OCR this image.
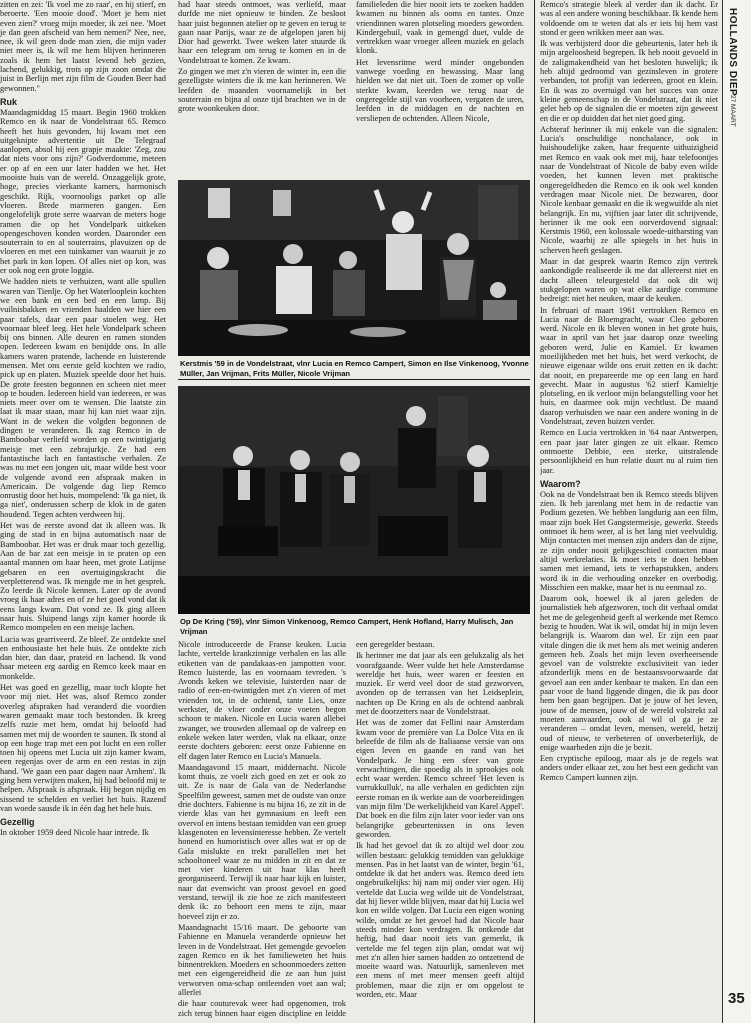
zitten en zei: 'Ik voel me zo raar', en hij stierf, en beroerte. 'Een mooie dood'. 'Moet je hem niet even zien?' vroeg mijn moeder, ik zei nee. 'Moet je dan geen afscheid van hem nemen?' Nee, nee, nee, ik wil geen dode man zien, die mijn vader niet meer is, ik wil me hem blijven herinneren zoals ik hem het laatst levend heb gezien, lachend, gelukkig, trots op zijn zoon omdat die juist in Berlijn met zijn film de Gouden Beer had gewonnen."

Ruk

Maandagmiddag 15 maart. Begin 1960 trokken Remco en ik naar de Vondelstraat 65. Remco heeft het huis gevonden, hij kwam met een uitgeknipte advertentie uit De Telegraaf aanlopen, absol hij een grapje maakte: 'Zeg, zou dat niets voor ons zijn?' Godverdomme, meteen er op af en een uur later hadden we het. Het mooiste huis van de wereld. Onzaggelijk grote, hoge, precies vierkante kamers, harmonisch geschikt. Rijk, voornooligs parket op alle vloeren. Brede marmeren gangen. Een ongelofelijk grote serre waarvan de meters hoge ramen die op het Vondelpark uitkeken opengeschoven konden worden. Daaronder een souterrain to en al souterrains, plavuizen op de vloeren en met een tuinkamer van waaruit je zo het park in kon lopen. Of alles niet op kon, was er ook nog een grote loggia.

We hadden niets te verhuizen, want alle spullen waren van Tienlje. Op het Waterlooplein kochten we een bank en een bed en een lamp. Bij vuilnisbakken en vrienden haalden we hier een paar tafels, daar een paar stoelen weg. Het voornaar bleef leeg. Het hele Vondelpark scheen bij ons binnen. Alle deuren en ramen stonden open. Iedereen kwam en benijdde ons. In alle kamers waren pratende, lachende en luisterende mensen. Met ons eerste geld kochten we radio, pick up en platen. Muziek speelde door het huis. De grote feesten begonnen en scheen niet meer op te houden. Iedereen hield van iedereen, er was niets meer over om te wensen. Die laatste zin laat ik maar staan, maar hij kan niet waar zijn. Want in de weken die volgden begonnen de dingen te veranderen. Ik zag Remco in de Bamboobar verliefd worden op een twintigjarig meisje met een zebrajurkje. Ze had een fantastische lach en fantastische verhalen. Ze was nu met een jongen uit, maar wilde best voor de volgende avond een afspraak maken in Americain. De volgende dag liep Remco onrustig door het huis, mompelend: 'Ik ga niet, ik ga niet', onderussen scherp de klok in de gaten houdend. Tegen achten verdween hij.

Het was de eerste avond dat ik alleen was. Ik ging de stad in en bijna automatisch naar de Bamboobar. Het was er druk maar toch gezellig. Aan de bar zat een meisje in te praten op een aantal mannen om haar heen, met grote Latijnse gebaren en een overtuigingskracht die verpletterend was. Ik mengde me in het gesprek. Zo leerde ik Nicole kennen. Later op de avond vroeg ik haar adres en of ze het goed vond dat ik eens langs kwam. Dat vond ze. Ik ging alleen naar huis. Sluipend langs zijn kamer hoorde ik Remco mompelen en een meisje lachen.

Lucia was gearriveerd. Ze bleef. Ze ontdekte snel en enthousiaste het hele huis. Ze ontdekte zich dan hier, dan daar, prateid en lachend. Ik vond haar meteen erg aardig en Remco keek maar en monkelde.

Het was goed en gezellig, maar toch klopte het voor mij niet. Het was, alsof Remco zonder overleg afspraken had veranderd die voordien waren gemaakt maar toch bestonden. Ik kreeg zelfs ruzie met hem, omdat hij beloofd had samen met mij de woorden te saunen. Ik stond al op een hoge trap met een pot lucht en een roller toen hij opeens met Lucia uit zijn kamer kwam, een regenjas over de arm en een restas in zijn hand. 'We gaan een paar dagen naar Arnhem'. Ik ging hem verwijten maken, hij had beloofd mij te helpen. Afspraak is afspraak. Hij begon nijdig en sissend te schelden en verliet het huis. Razend van woede sausde ik in één dag het hele huis.

Gezellig

In oktober 1959 deed Nicole haar intrede. Ik

had haar steeds ontmoet, was verliefd, maar durfde me niet opnieuw te binden. Ze besloot haar juist begonnen atelier op te geven en terug te gaan naar Parijs, waar ze de afgelopen jaren bij Dior had gewerkt. Twee weken later stuurde ik haar een telegram om terug te komen en in de Vondelstraat te komen. Ze kwam.

Zo gingen we met z'n vieren de winter in, een die gezelligste winters die ik me kan herinneren. We leefden de maanden voornamelijk in het souterrain en bijna al onze tijd brachten we in de grote woonkeuken door.

familieleden die hier nooit iets te zoeken hadden kwamen nu binnen als ooms en tantes. Onze vriendinnen waren plotseling moeders geworden. Kindergehuil, vaak in gemengd duet, vulde de vertrekken waar vroeger alleen muziek en gelach klonk.

Het levensritme werd minder ongebonden vanwege voeding en bewassing. Maar lang hielden we dat niet uit. Toen de zomer op volle sterkte kwam, keerden we terug naar de ongeregelde stijl van voorheen, vergaten de uren, leefden in de middagen en de nachten en versliepen de ochtenden. Alleen Nicole,

Kerstmis '59 in de Vondelstraat, vlnr Lucia en Remco Campert, Simon en Ilse Vinkenoog, Yvonne Müller, Jan Vrijman, Frits Müller, Nicole Vrijman
Op De Kring ('59), vlnr Simon Vinkenoog, Remco Campert, Henk Hofland, Harry Mulisch, Jan Vrijman

Nicole introduceerde de Franse keuken. Lucia lachte, vertelde krankzinnige verhalen en las alle etiketten van de pandakaas-en jampotten voor. Remco luisterde, las en voornaam tevreden. 's Avonds keken we televisie, luisterden naar de radio of een-en-twintigden met z'n vieren of met vrienden tot, in de ochtend, tante Lies, onze werkster, de vloer onder onze voeten begon schoon te maken. Nicole en Lucia waren allebei zwanger, we trouwden allemaal op de valreep en enkele weken later werden, vlak na elkaar, onze eerste dochters geboren: eerst onze Fabienne en elf dagen later Remco en Lucia's Manuela.

Maandagavond 15 maart, middernacht. Nicole komt thuis, ze voelt zich goed en zet er ook zo uit. Ze is naar de Gala van de Nederlandse Speelfilm geweest, samen met de oudste van onze drie dochters. Fabienne is nu bijna 16, ze zit in de vierde klas van het gymnasium en leeft een overvol en intens bestaan temidden van een groep klasgenoten en levensinteresse hebben. Ze vertelt honend en humoristisch over alles wat er op de Gala mislukte en trekt parallellen met het schooltoneel waar ze nu midden in zit en dat ze met vier kinderen uit haar klas heeft georganiseerd. Terwijl ik naar haar kijk en luister, naar dat evenwicht van proost gevoel en goed verstand, terwijl ik zie hoe ze zich manifesteert denk ik: zo behoort een mens te zijn, maar hoeveel zijn er zo.

Maandagnacht 15/16 maart. De geboorte van Fabienne en Manuela veranderde opnieuw het leven in de Vondelstraat. Het gemengde gevoelen zagen Remco en ik het familieweten het huis binnentrekken. Moeders en schoonmoeders zetten met een eigengereidheid die ze aan hun juist verworven oma-schap ontleenden voet aan wal; allerlei

die haar couturevak weer had opgenomen, trok zich terug binnen haar eigen discipline en leidde een geregelder bestaan.

Ik herinner me dat jaar als een gelukzalig als het voorafgaande. Weer vulde het hele Amsterdamse wereldje het huis, weer waren er feesten en muziek. Er werd veel door de stad gezworven, avonden op de terrassen van het Leidseplein, nachten op De Kring en als de ochtend aanbrak met de doorzetters naar de Vondelstraat.

Het was de zomer dat Fellini naar Amsterdam kwam voor de première van La Dolce Vita en ik beleefde de film als de Italiaanse versie van ons eigen leven en gaande en rand van het Vondelpark. Je hing een sfeer van grote verwachtingen, die spoedig als in sprookjes ook echt waar werden. Remco schreef 'Het leven is vurrukkulluk', na alle verhalen en gedichten zijn eerste roman en ik werkte aan de voorbereidingen van mijn film 'De werkelijkheid van Karel Appel'. Dat boek en die film zijn later voor ieder van ons belangrijke gebeurtenissen in ons leven geworden.

Ik had het gevoel dat ik zo altijd wel door zou willen bestaan: gelukkig temidden van gelukkige mensen. Pas in het laatst van de winter, begin '61, ontdekte ik dat het anders was. Remco deed iets ongebruikelijks: hij nam mij onder vier ogen. Hij vertelde dat Lucia weg wilde uit de Vondelstraat, dat hij liever wilde blijven, maar dat hij Lucia wel kon en wilde volgen. Dat Lucia een eigen woning wilde, omdat ze het gevoel had dat Nicole haar steeds minder kon verdragen. Ik ontkende dat heftig, had daar nooit iets van gemerkt, ik vertelde me fel tegen zijn plan, omdat wat wij met z'n allen hier samen hadden zo ontzettend de moeite waard was. Natuurlijk, samenleven met een mens of met meer mensen geeft altijd problemen, maar die zijn er om opgelost te worden, etc. Maar

Remco's strategie bleek al verder dan ik dacht. Er was al een andere woning beschikbaar. Ik kende hem voldoende om te weten dat als er iets bij hem vast stond er geen wrikken meer aan was.

Ik was verbijsterd door die gebeurtenis, later heb ik mijn argeloosheid begrepen. Ik heb nooit gevoeld in de zaligmakendheid van het besloten huwelijk; ik heb altijd gedroomd van gezinsleven in grotere verbanden, tot profijt van iedereen, groot en klein. En ik was zo overtuigd van het succes van onze kleine gemeenschap in de Vondelstraat, dat ik niet gelet heb op de signalen die er moeten zijn geweest en die er op duidden dat het niet goed ging.

Achteraf herinner ik mij enkele van die signalen: Lucia's onschuldige nonchalance, ook in huishoudelijke zaken, haar frequente uithuizigheid met Remco en vaak ook met mij, haar telefoontjes naar de Vondelstraat of Nicole de baby even wilde voeden, het kunnen leven met praktische ongeregeldheden die Remco en ik ook wel konden verdragen maar Nicole niet. De bezwaren, door Nicole kenbaar gemaakt en die ik wegwuifde als niet belangrijk. En nu, vijftien jaar later dit schrijvende, herinner ik me ook een oorverdovend signaal: Kerstmis 1960, een kolossale woede-uitbarsting van Nicole, waarbij ze alle spiegels in het huis in scherven heeft geslagen.

Maar in dat gesprek waarin Remco zijn vertrek aankondigde realiseerde ik me dat allereerst niet en dacht alleen teleurgesteld dat ook dit wij stukgelopen waren op wat elke aardige commune bedreigt: niet het neuken, maar de keuken.

In februari of maart 1961 vertrokken Remco en Lucia naar de Bloemgracht, waar Cleo geboren werd. Nicole en ik bleven wonen in het grote huis, waar in april van het jaar daarop onze tweeling geboren werd, Julie en Kamiel. Er kwamen moeilijkheden met het huis, het werd verkocht, de nieuwe eigenaar wilde ons eruit zetten en ik dacht: dat nooit, en prepareerde me op een lang en hard gevecht. Maar in augustus '62 stierf Kamieltje plotseling, en ik verloor mijn belangstelling voor het huis, en daarmee ook mijn vechtlust. De maand daarop verhuisden we naar een andere woning in de Vondelstraat, zeven huizen verder.

Remco en Lucia vertrokken in '64 naar Antwerpen, een paar jaar later gingen ze uit elkaar. Remco ontmoette Debbie, een sterke, uitstralende persoonlijkheid en hun relatie duurt nu al ruim tien jaar.

Waarom?

Ook na de Vondelstraat ben ik Remco steeds blijven zien. Ik heb jarenlang met hem in de redactie van Podium gezeten. We hebben langdurig aan een film, maar zijn boek Het Gangstermeisje, gewerkt. Steeds ontmoet ik hem weer, al is het lang niet veelvuldig. Mijn contacten met mensen zijn anders dan de zijne, ze zijn onder nooit gelijkgeschied contacten maar altijd werkrelaties. Ik moet iets te doen hebben samen met iemand, iets te verhapstukken, anders word ik in die verhouding onzeker en overbodig. Misschien een makke, maar het is nu eenmaal zo.

Daarom ook, hoewel ik al jaren geleden de journalistiek heb afgezworen, toch dit verhaal omdat het me de gelegenheid geeft al werkende met Remco bezig te houden. Wat ik wil, omdat hij in mijn leven belangrijk is. Waarom dan wel. Er zijn een paar vitale dingen die ik met hem als met weinig anderen gemeen heb. Zoals het mijn leven overheersende gevoel van de volstrekte exclusiviteit van ieder afzonderlijk mens en de bestaansvoorwaarde dat gevoel aan een ander kenbaar te maken. En dan een paar voor de hand liggende dingen, die ik pas door hem ben gaan begrijpen. Dat je jouw of het leven, jouw of de mensen, jouw of de wereld volstrekt zal moeten aanvaarden, ook al wil ol ga je ze veranderen – omdat leven, mensen, wereld, hetzij oud of nieuw, te verbeteren of onverbeterlijk, de enige waarheden zijn die je bezit.

Een cryptische epiloog, maar als je de regels wat anders onder elkaar zet, zou het best een gedicht van Remco Campert kunnen zijn.

HOLLANDS DIEP
27 MAART
35
